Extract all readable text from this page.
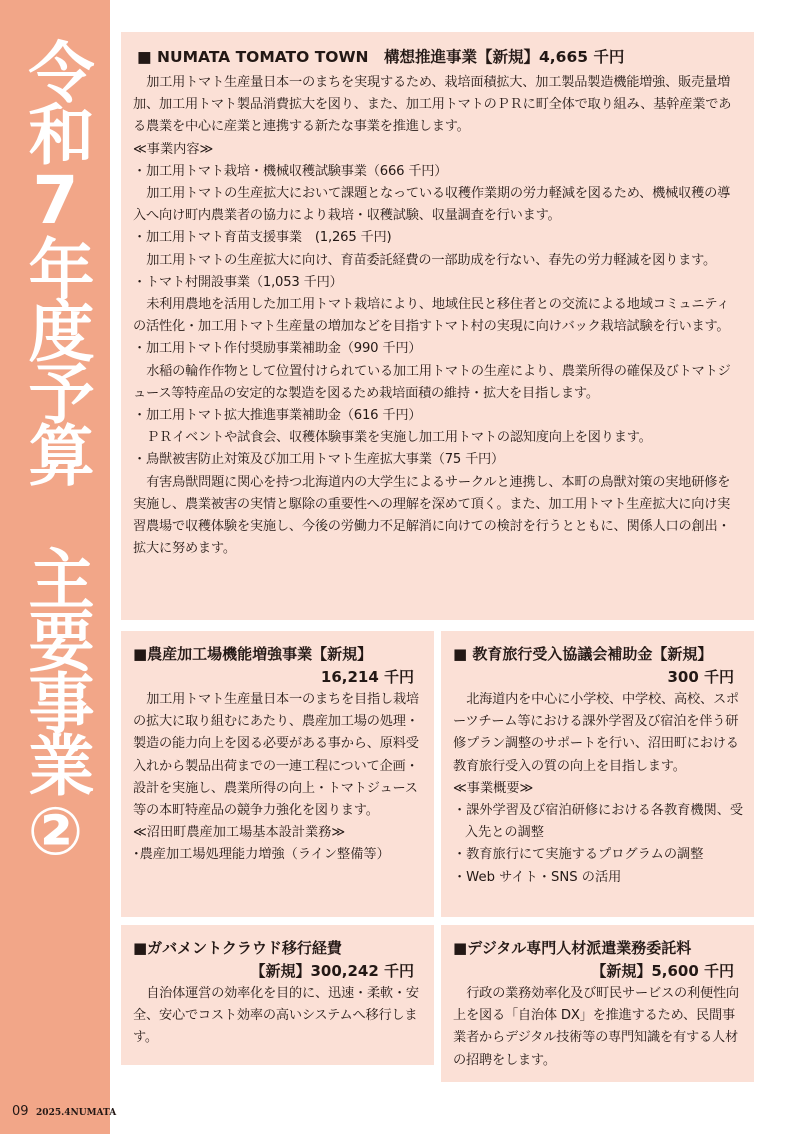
令和7年度予算　主要事業②
09 2025.4NUMATA

■ NUMATA TOMATO TOWN　構想推進事業【新規】4,665 千円

加工用トマト生産量日本一のまちを実現するため、栽培面積拡大、加工製品製造機能増強、販売量増加、加工用トマト製品消費拡大を図り、また、加工用トマトのＰＲに町全体で取り組み、基幹産業である農業を中心に産業と連携する新たな事業を推進します。

≪事業内容≫

・加工用トマト栽培・機械収穫試験事業（666 千円）

加工用トマトの生産拡大において課題となっている収穫作業期の労力軽減を図るため、機械収穫の導入へ向け町内農業者の協力により栽培・収穫試験、収量調査を行います。

・加工用トマト育苗支援事業　(1,265 千円)

加工用トマトの生産拡大に向け、育苗委託経費の一部助成を行ない、春先の労力軽減を図ります。

・トマト村開設事業（1,053 千円）

未利用農地を活用した加工用トマト栽培により、地域住民と移住者との交流による地域コミュニティの活性化・加工用トマト生産量の増加などを目指すトマト村の実現に向けバック栽培試験を行います。

・加工用トマト作付奨励事業補助金（990 千円）

水稲の輪作作物として位置付けられている加工用トマトの生産により、農業所得の確保及びトマトジュース等特産品の安定的な製造を図るため栽培面積の維持・拡大を目指します。

・加工用トマト拡大推進事業補助金（616 千円）

ＰＲイベントや試食会、収穫体験事業を実施し加工用トマトの認知度向上を図ります。

・鳥獣被害防止対策及び加工用トマト生産拡大事業（75 千円）

有害鳥獣問題に関心を持つ北海道内の大学生によるサークルと連携し、本町の鳥獣対策の実地研修を実施し、農業被害の実情と駆除の重要性への理解を深めて頂く。また、加工用トマト生産拡大に向け実習農場で収穫体験を実施し、今後の労働力不足解消に向けての検討を行うとともに、関係人口の創出・拡大に努めます。

■農産加工場機能増強事業【新規】

16,214 千円

加工用トマト生産量日本一のまちを目指し栽培の拡大に取り組むにあたり、農産加工場の処理・製造の能力向上を図る必要がある事から、原料受入れから製品出荷までの一連工程について企画・設計を実施し、農業所得の向上・トマトジュース等の本町特産品の競争力強化を図ります。

≪沼田町農産加工場基本設計業務≫

･農産加工場処理能力増強（ライン整備等）

■ 教育旅行受入協議会補助金【新規】

300 千円

北海道内を中心に小学校、中学校、高校、スポーツチーム等における課外学習及び宿泊を伴う研修プラン調整のサポートを行い、沼田町における教育旅行受入の質の向上を目指します。

≪事業概要≫

・課外学習及び宿泊研修における各教育機関、受入先との調整

・教育旅行にて実施するプログラムの調整

・Web サイト・SNS の活用

■ガバメントクラウド移行経費

【新規】300,242 千円

自治体運営の効率化を目的に、迅速・柔軟・安全、安心でコスト効率の高いシステムへ移行します。

■デジタル専門人材派遣業務委託料

【新規】5,600 千円

行政の業務効率化及び町民サービスの利便性向上を図る「自治体 DX」を推進するため、民間事業者からデジタル技術等の専門知識を有する人材の招聘をします。
